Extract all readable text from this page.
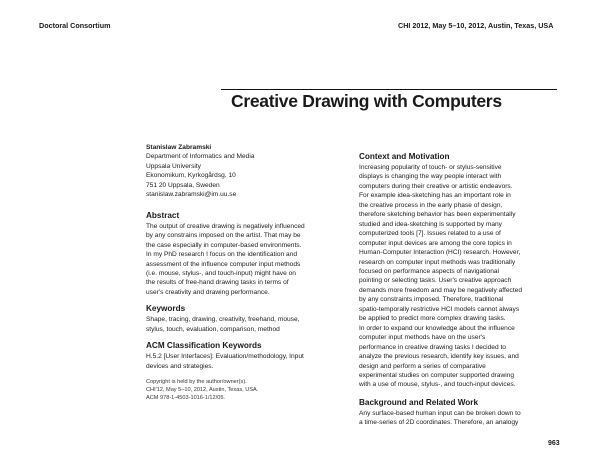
Doctoral Consortium	CHI 2012, May 5–10, 2012, Austin, Texas, USA
Creative Drawing with Computers
Stanislaw Zabramski
Department of Informatics and Media
Uppsala University
Ekonomikum, Kyrkogårdsg. 10
751 20 Uppsala, Sweden
stanislaw.zabramski@im.uu.se
Abstract
The output of creative drawing is negatively influenced
by any constrains imposed on the artist. That may be
the case especially in computer-based environments.
In my PhD research I focus on the identification and
assessment of the influence computer input methods
(i.e. mouse, stylus-, and touch-input) might have on
the results of free-hand drawing tasks in terms of
user's creativity and drawing performance.
Keywords
Shape, tracing, drawing, creativity, freehand, mouse,
stylus, touch, evaluation, comparison, method
ACM Classification Keywords
H.5.2 [User Interfaces]: Evaluation/methodology, Input
devices and strategies.
Copyright is held by the author/owner(s).
CHI'12, May 5–10, 2012, Austin, Texas, USA.
ACM 978-1-4503-1016-1/12/05.
Context and Motivation
Increasing popularity of touch- or stylus-sensitive
displays is changing the way people interact with
computers during their creative or artistic endeavors.
For example idea-sketching has an important role in
the creative process in the early phase of design,
therefore sketching behavior has been experimentally
studied and idea-sketching is supported by many
computerized tools [7]. Issues related to a use of
computer input devices are among the core topics in
Human-Computer Interaction (HCI) research. However,
research on computer input methods was traditionally
focused on performance aspects of navigational
pointing or selecting tasks. User's creative approach
demands more freedom and may be negatively affected
by any constraints imposed. Therefore, traditional
spatio-temporally restrictive HCI models cannot always
be applied to predict more complex drawing tasks.
In order to expand our knowledge about the influence
computer input methods have on the user's
performance in creative drawing tasks I decided to
analyze the previous research, identify key issues, and
design and perform a series of comparative
experimental studies on computer supported drawing
with a use of mouse, stylus-, and touch-input devices.
Background and Related Work
Any surface-based human input can be broken down to
a time-series of 2D coordinates. Therefore, an analogy
963
